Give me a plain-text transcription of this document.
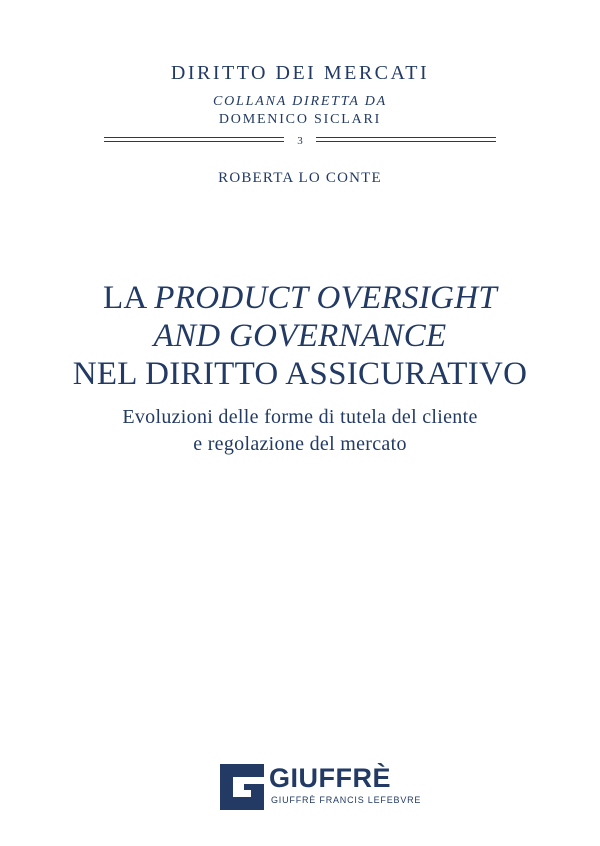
DIRITTO DEI MERCATI
COLLANA DIRETTA DA
DOMENICO SICLARI
3
ROBERTA LO CONTE
LA PRODUCT OVERSIGHT
AND GOVERNANCE
NEL DIRITTO ASSICURATIVO
Evoluzioni delle forme di tutela del cliente
e regolazione del mercato
GIUFFRÈ
GIUFFRÈ FRANCIS LEFEBVRE
